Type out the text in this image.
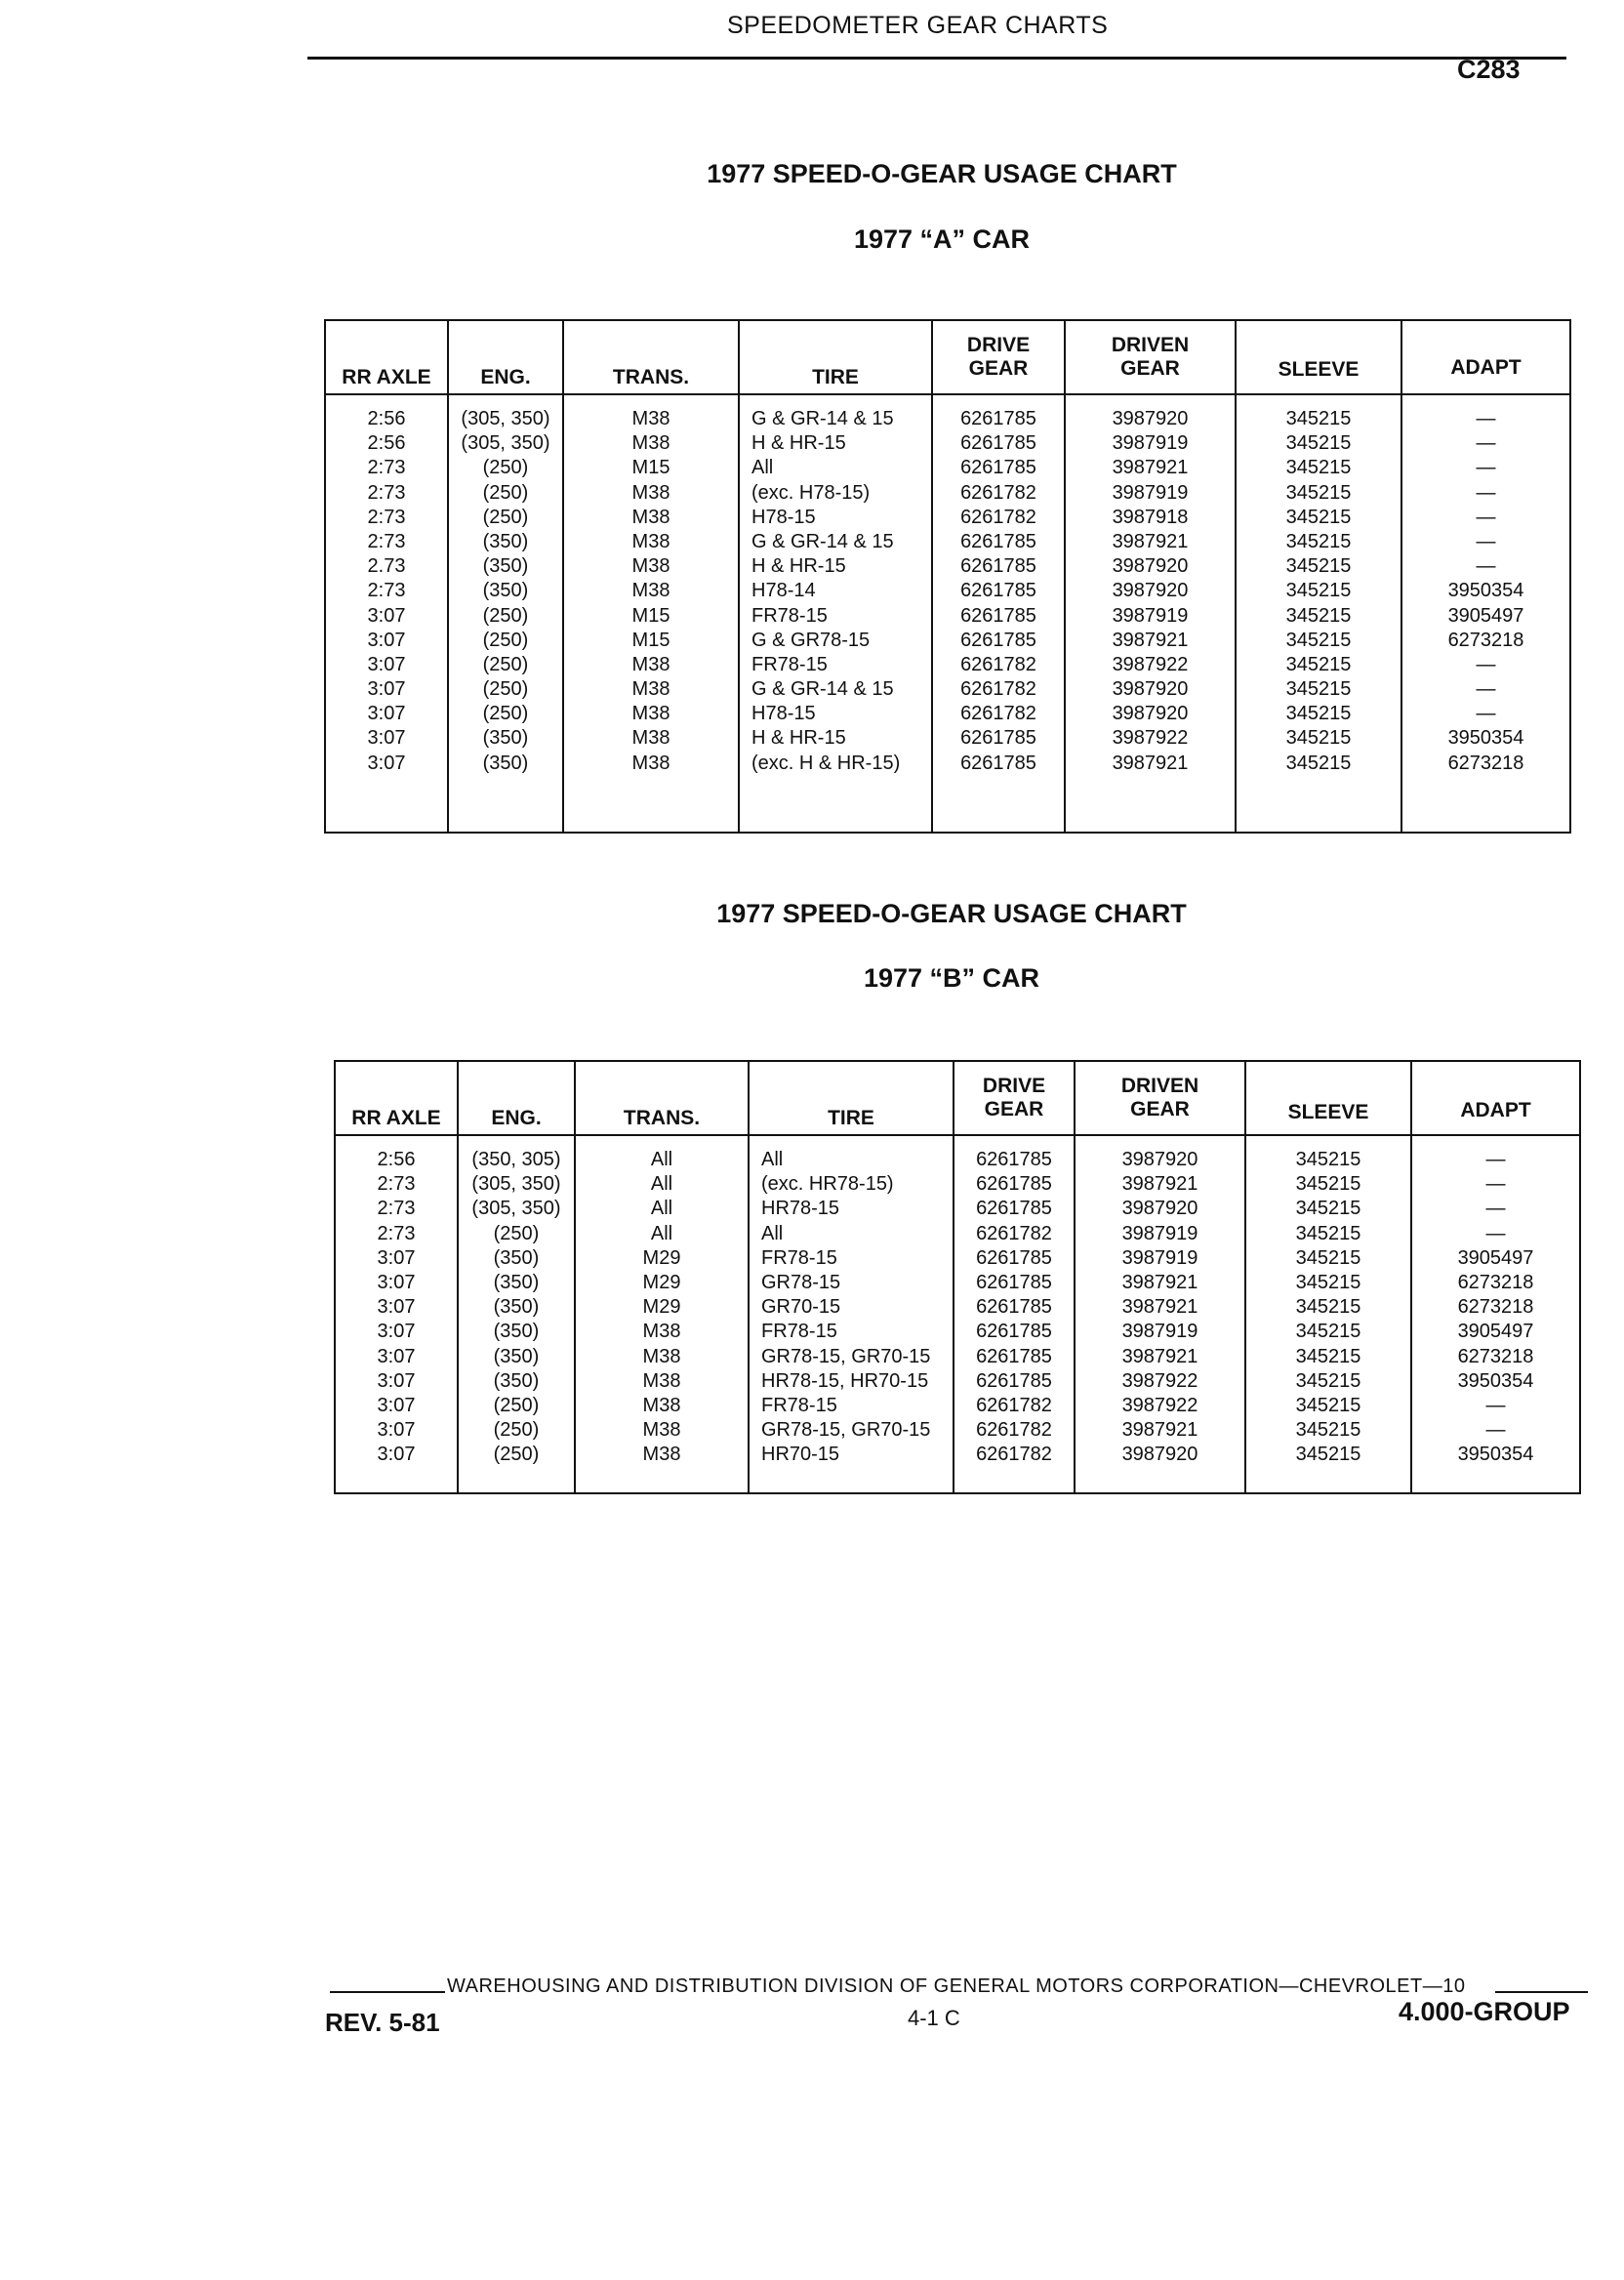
SPEEDOMETER GEAR CHARTS
C283
1977 SPEED-O-GEAR USAGE CHART
1977 “A” CAR
RR AXLE
2:56
2:56
2:73
2:73
2:73
2:73
2.73
2:73
3:07
3:07
3:07
3:07
3:07
3:07
3:07
ENG.
(305, 350)
(305, 350)
(250)
(250)
(250)
(350)
(350)
(350)
(250)
(250)
(250)
(250)
(250)
(350)
(350)
TRANS.
M38
M38
M15
M38
M38
M38
M38
M38
M15
M15
M38
M38
M38
M38
M38
TIRE
G & GR-14 & 15
H & HR-15
All
(exc. H78-15)
H78-15
G & GR-14 & 15
H & HR-15
H78-14
FR78-15
G & GR78-15
FR78-15
G & GR-14 & 15
H78-15
H & HR-15
(exc. H & HR-15)
DRIVE GEAR
6261785
6261785
6261785
6261782
6261782
6261785
6261785
6261785
6261785
6261785
6261782
6261782
6261782
6261785
6261785
DRIVEN GEAR
3987920
3987919
3987921
3987919
3987918
3987921
3987920
3987920
3987919
3987921
3987922
3987920
3987920
3987922
3987921
SLEEVE
345215
345215
345215
345215
345215
345215
345215
345215
345215
345215
345215
345215
345215
345215
345215
ADAPT
—
—
—
—
—
—
—
3950354
3905497
6273218
—
—
—
3950354
6273218
1977 SPEED-O-GEAR USAGE CHART
1977 “B” CAR
RR AXLE
2:56
2:73
2:73
2:73
3:07
3:07
3:07
3:07
3:07
3:07
3:07
3:07
3:07
ENG.
(350, 305)
(305, 350)
(305, 350)
(250)
(350)
(350)
(350)
(350)
(350)
(350)
(250)
(250)
(250)
TRANS.
All
All
All
All
M29
M29
M29
M38
M38
M38
M38
M38
M38
TIRE
All
(exc. HR78-15)
HR78-15
All
FR78-15
GR78-15
GR70-15
FR78-15
GR78-15, GR70-15
HR78-15, HR70-15
FR78-15
GR78-15, GR70-15
HR70-15
DRIVE GEAR
6261785
6261785
6261785
6261782
6261785
6261785
6261785
6261785
6261785
6261785
6261782
6261782
6261782
DRIVEN GEAR
3987920
3987921
3987920
3987919
3987919
3987921
3987921
3987919
3987921
3987922
3987922
3987921
3987920
SLEEVE
345215
345215
345215
345215
345215
345215
345215
345215
345215
345215
345215
345215
345215
ADAPT
—
—
—
—
3905497
6273218
6273218
3905497
6273218
3950354
—
—
3950354
WAREHOUSING AND DISTRIBUTION DIVISION OF GENERAL MOTORS CORPORATION—CHEVROLET—10
REV. 5-81	4-1 C	4.000-GROUP
